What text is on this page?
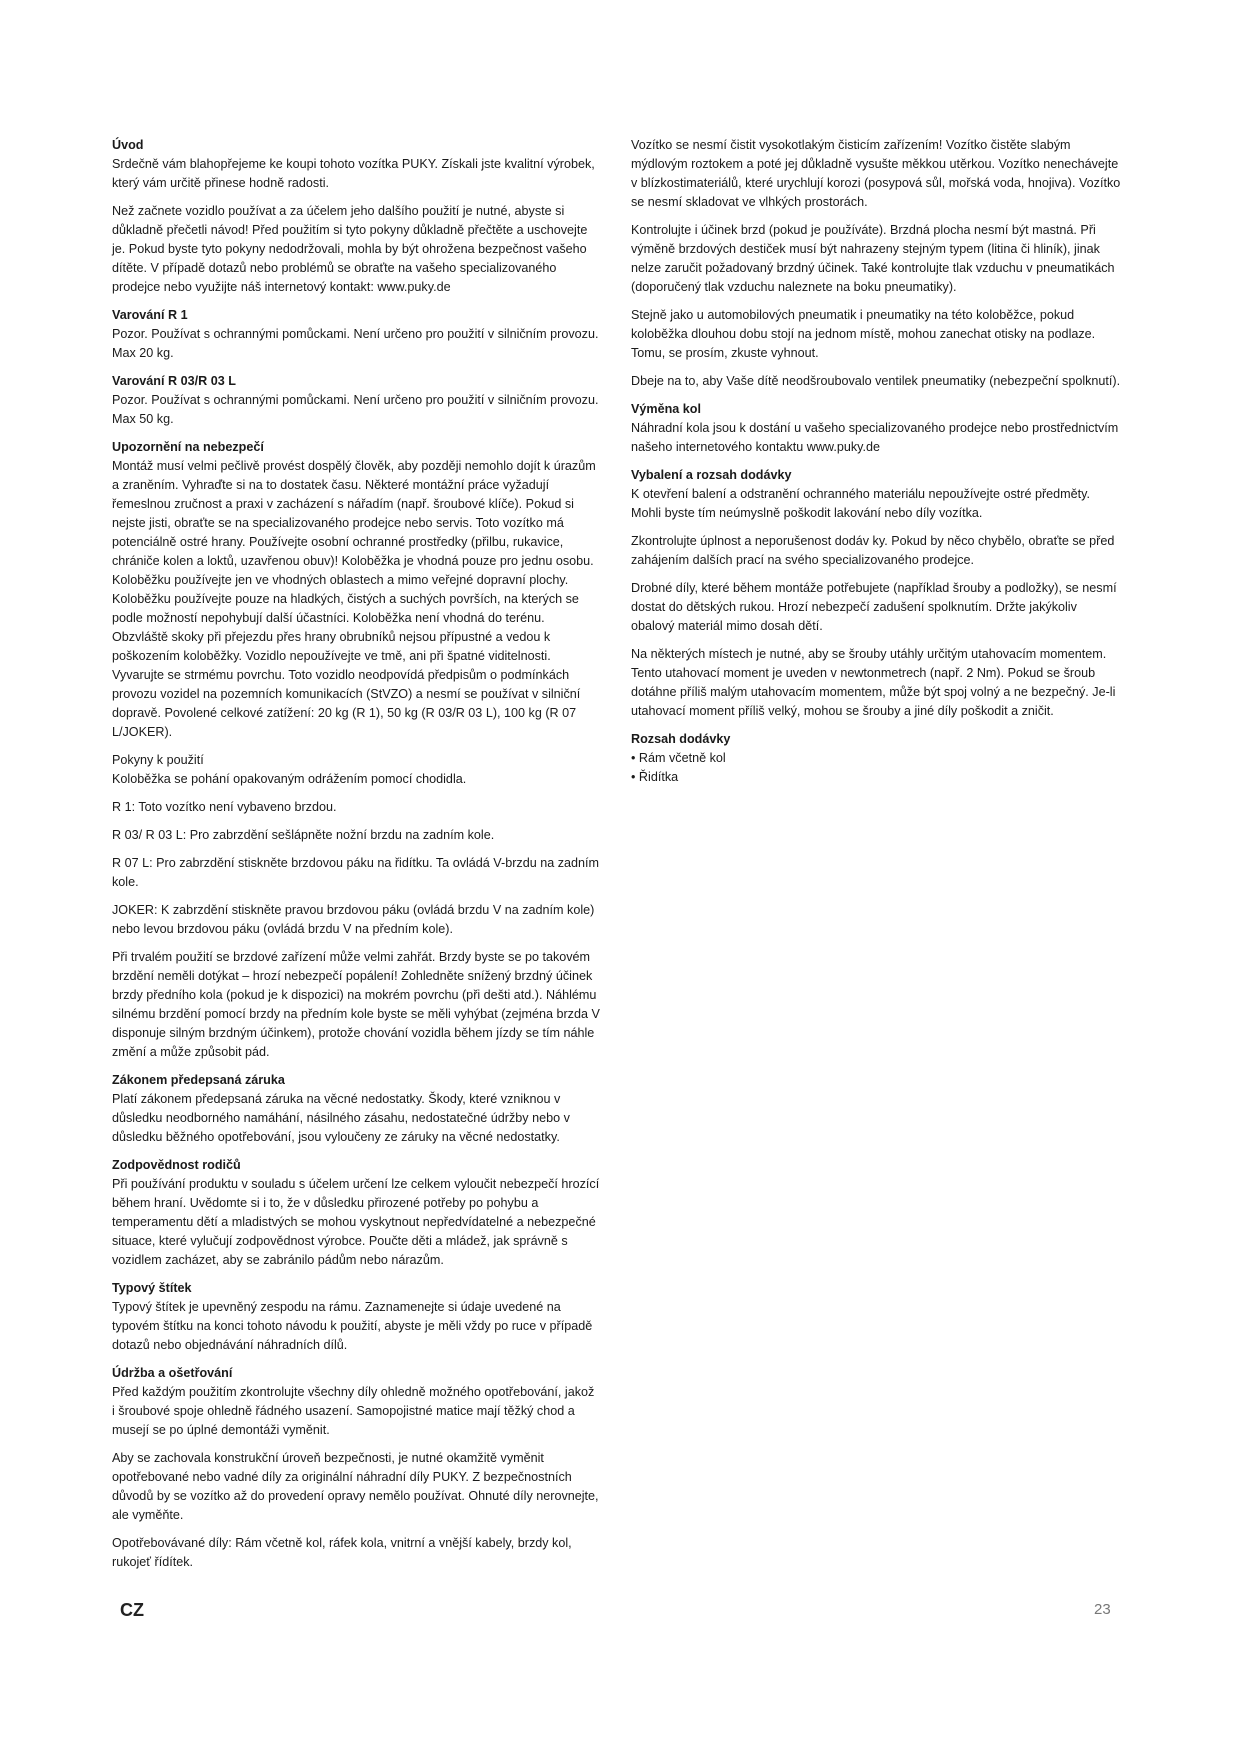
Úvod

Srdečně vám blahopřejeme ke koupi tohoto vozítka PUKY. Získali jste kvalitní výrobek, který vám určitě přinese hodně radosti.

Než začnete vozidlo používat a za účelem jeho dalšího použití je nutné, abyste si důkladně přečetli návod! Před použitím si tyto pokyny důkladně přečtěte a uschovejte je. Pokud byste tyto pokyny nedodržovali, mohla by být ohrožena bezpečnost vašeho dítěte. V případě dotazů nebo problémů se obraťte na vašeho specializovaného prodejce nebo využijte náš internetový kontakt: www.puky.de

Varování R 1

Pozor. Používat s ochrannými pomůckami. Není určeno pro použití v silničním provozu. Max 20 kg.

Varování R 03/R 03 L

Pozor. Používat s ochrannými pomůckami. Není určeno pro použití v silničním provozu. Max 50 kg.

Upozornění na nebezpečí

Montáž musí velmi pečlivě provést dospělý člověk, aby později nemohlo dojít k úrazům a zraněním. Vyhraďte si na to dostatek času. Některé montážní práce vyžadují řemeslnou zručnost a praxi v zacházení s nářadím (např. šroubové klíče). Pokud si nejste jisti, obraťte se na specializovaného prodejce nebo servis. Toto vozítko má potenciálně ostré hrany. Používejte osobní ochranné prostředky (přilbu, rukavice, chrániče kolen a loktů, uzavřenou obuv)! Koloběžka je vhodná pouze pro jednu osobu. Koloběžku používejte jen ve vhodných oblastech a mimo veřejné dopravní plochy. Koloběžku používejte pouze na hladkých, čistých a suchých površích, na kterých se podle možností nepohybují další účastníci. Koloběžka není vhodná do terénu. Obzvláště skoky při přejezdu přes hrany obrubníků nejsou přípustné a vedou k poškozením koloběžky. Vozidlo nepoužívejte ve tmě, ani při špatné viditelnosti. Vyvarujte se strmému povrchu. Toto vozidlo neodpovídá předpisům o podmínkách provozu vozidel na pozemních komunikacích (StVZO) a nesmí se používat v silniční dopravě. Povolené celkové zatížení: 20 kg (R 1), 50 kg (R 03/R 03 L), 100 kg (R 07 L/JOKER).

Pokyny k použití

Koloběžka se pohání opakovaným odrážením pomocí chodidla.

R 1: Toto vozítko není vybaveno brzdou.

R 03/ R 03 L: Pro zabrzdění sešlápněte nožní brzdu na zadním kole.

R 07 L: Pro zabrzdění stiskněte brzdovou páku na řidítku. Ta ovládá V-brzdu na zadním kole.

JOKER: K zabrzdění stiskněte pravou brzdovou páku (ovládá brzdu V na zadním kole) nebo levou brzdovou páku (ovládá brzdu V na předním kole).

Při trvalém použití se brzdové zařízení může velmi zahřát. Brzdy byste se po takovém brzdění neměli dotýkat – hrozí nebezpečí popálení! Zohledněte snížený brzdný účinek brzdy předního kola (pokud je k dispozici) na mokrém povrchu (při dešti atd.). Náhlému silnému brzdění pomocí brzdy na předním kole byste se měli vyhýbat (zejména brzda V disponuje silným brzdným účinkem), protože chování vozidla během jízdy se tím náhle změní a může způsobit pád.

Zákonem předepsaná záruka

Platí zákonem předepsaná záruka na věcné nedostatky. Škody, které vzniknou v důsledku neodborného namáhání, násilného zásahu, nedostatečné údržby nebo v důsledku běžného opotřebování, jsou vyloučeny ze záruky na věcné nedostatky.

Zodpovědnost rodičů

Při používání produktu v souladu s účelem určení lze celkem vyloučit nebezpečí hrozící během hraní. Uvědomte si i to, že v důsledku přirozené potřeby po pohybu a temperamentu dětí a mladistvých se mohou vyskytnout nepředvídatelné a nebezpečné situace, které vylučují zodpovědnost výrobce. Poučte děti a mládež, jak správně s vozidlem zacházet, aby se zabránilo pádům nebo nárazům.

Typový štítek

Typový štítek je upevněný zespodu na rámu. Zaznamenejte si údaje uvedené na typovém štítku na konci tohoto návodu k použití, abyste je měli vždy po ruce v případě dotazů nebo objednávání náhradních dílů.

Údržba a ošetřování

Před každým použitím zkontrolujte všechny díly ohledně možného opotřebování, jakož i šroubové spoje ohledně řádného usazení. Samopojistné matice mají těžký chod a musejí se po úplné demontáži vyměnit.

Aby se zachovala konstrukční úroveň bezpečnosti, je nutné okamžitě vyměnit opotřebované nebo vadné díly za originální náhradní díly PUKY. Z bezpečnostních důvodů by se vozítko až do provedení opravy nemělo používat. Ohnuté díly nerovnejte, ale vyměňte.

Opotřebovávané díly: Rám včetně kol, ráfek kola, vnitrní a vnější kabely, brzdy kol, rukojeť řídítek.

Vozítko se nesmí čistit vysokotlakým čisticím zařízením! Vozítko čistěte slabým mýdlovým roztokem a poté jej důkladně vysušte měkkou utěrkou. Vozítko nenechávejte v blízkostimateriálů, které urychlují korozi (posypová sůl, mořská voda, hnojiva). Vozítko se nesmí skladovat ve vlhkých prostorách.

Kontrolujte i účinek brzd (pokud je používáte). Brzdná plocha nesmí být mastná. Při výměně brzdových destiček musí být nahrazeny stejným typem (litina či hliník), jinak nelze zaručit požadovaný brzdný účinek. Také kontrolujte tlak vzduchu v pneumatikách (doporučený tlak vzduchu naleznete na boku pneumatiky).

Stejně jako u automobilových pneumatik i pneumatiky na této koloběžce, pokud koloběžka dlouhou dobu stojí na jednom místě, mohou zanechat otisky na podlaze. Tomu, se prosím, zkuste vyhnout.

Dbeje na to, aby Vaše dítě neodšroubovalo ventilek pneumatiky (nebezpeční spolknutí).

Výměna kol

Náhradní kola jsou k dostání u vašeho specializovaného prodejce nebo prostřednictvím našeho internetového kontaktu www.puky.de

Vybalení a rozsah dodávky

K otevření balení a odstranění ochranného materiálu nepoužívejte ostré předměty. Mohli byste tím neúmyslně poškodit lakování nebo díly vozítka.

Zkontrolujte úplnost a neporušenost dodáv ky. Pokud by něco chybělo, obraťte se před zahájením dalších prací na svého specializovaného prodejce.

Drobné díly, které během montáže potřebujete (například šrouby a podložky), se nesmí dostat do dětských rukou. Hrozí nebezpečí zadušení spolknutím. Držte jakýkoliv obalový materiál mimo dosah dětí.

Na některých místech je nutné, aby se šrouby utáhly určitým utahovacím momentem. Tento utahovací moment je uveden v newtonmetrech (např. 2 Nm). Pokud se šroub dotáhne příliš malým utahovacím momentem, může být spoj volný a ne bezpečný. Je-li utahovací moment příliš velký, mohou se šrouby a jiné díly poškodit a zničit.

Rozsah dodávky
• Rám včetně kol
• Řidítka
CZ	23
